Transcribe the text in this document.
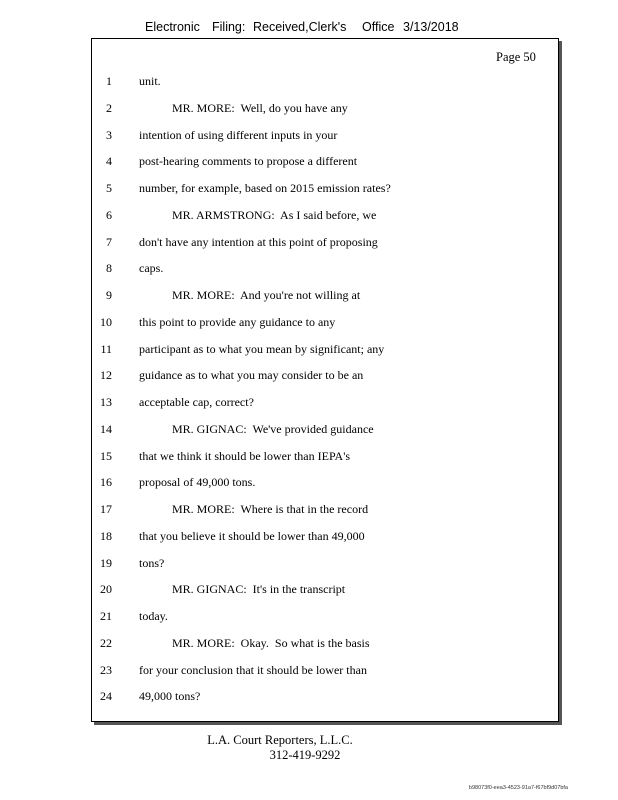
Electronic Filing: Received,Clerk's Office 3/13/2018
Page 50
1 unit.
2	MR. MORE:  Well, do you have any
3 intention of using different inputs in your
4 post-hearing comments to propose a different
5 number, for example, based on 2015 emission rates?
6	MR. ARMSTRONG:  As I said before, we
7 don't have any intention at this point of proposing
8 caps.
9	MR. MORE:  And you're not willing at
10 this point to provide any guidance to any
11 participant as to what you mean by significant; any
12 guidance as to what you may consider to be an
13 acceptable cap, correct?
14	MR. GIGNAC:  We've provided guidance
15 that we think it should be lower than IEPA's
16 proposal of 49,000 tons.
17	MR. MORE:  Where is that in the record
18 that you believe it should be lower than 49,000
19 tons?
20	MR. GIGNAC:  It's in the transcript
21 today.
22	MR. MORE:  Okay.  So what is the basis
23 for your conclusion that it should be lower than
24 49,000 tons?
L.A. Court Reporters, L.L.C.
312-419-9292
b98073f0-eea3-4523-91a7-f67bf9d07bfa
